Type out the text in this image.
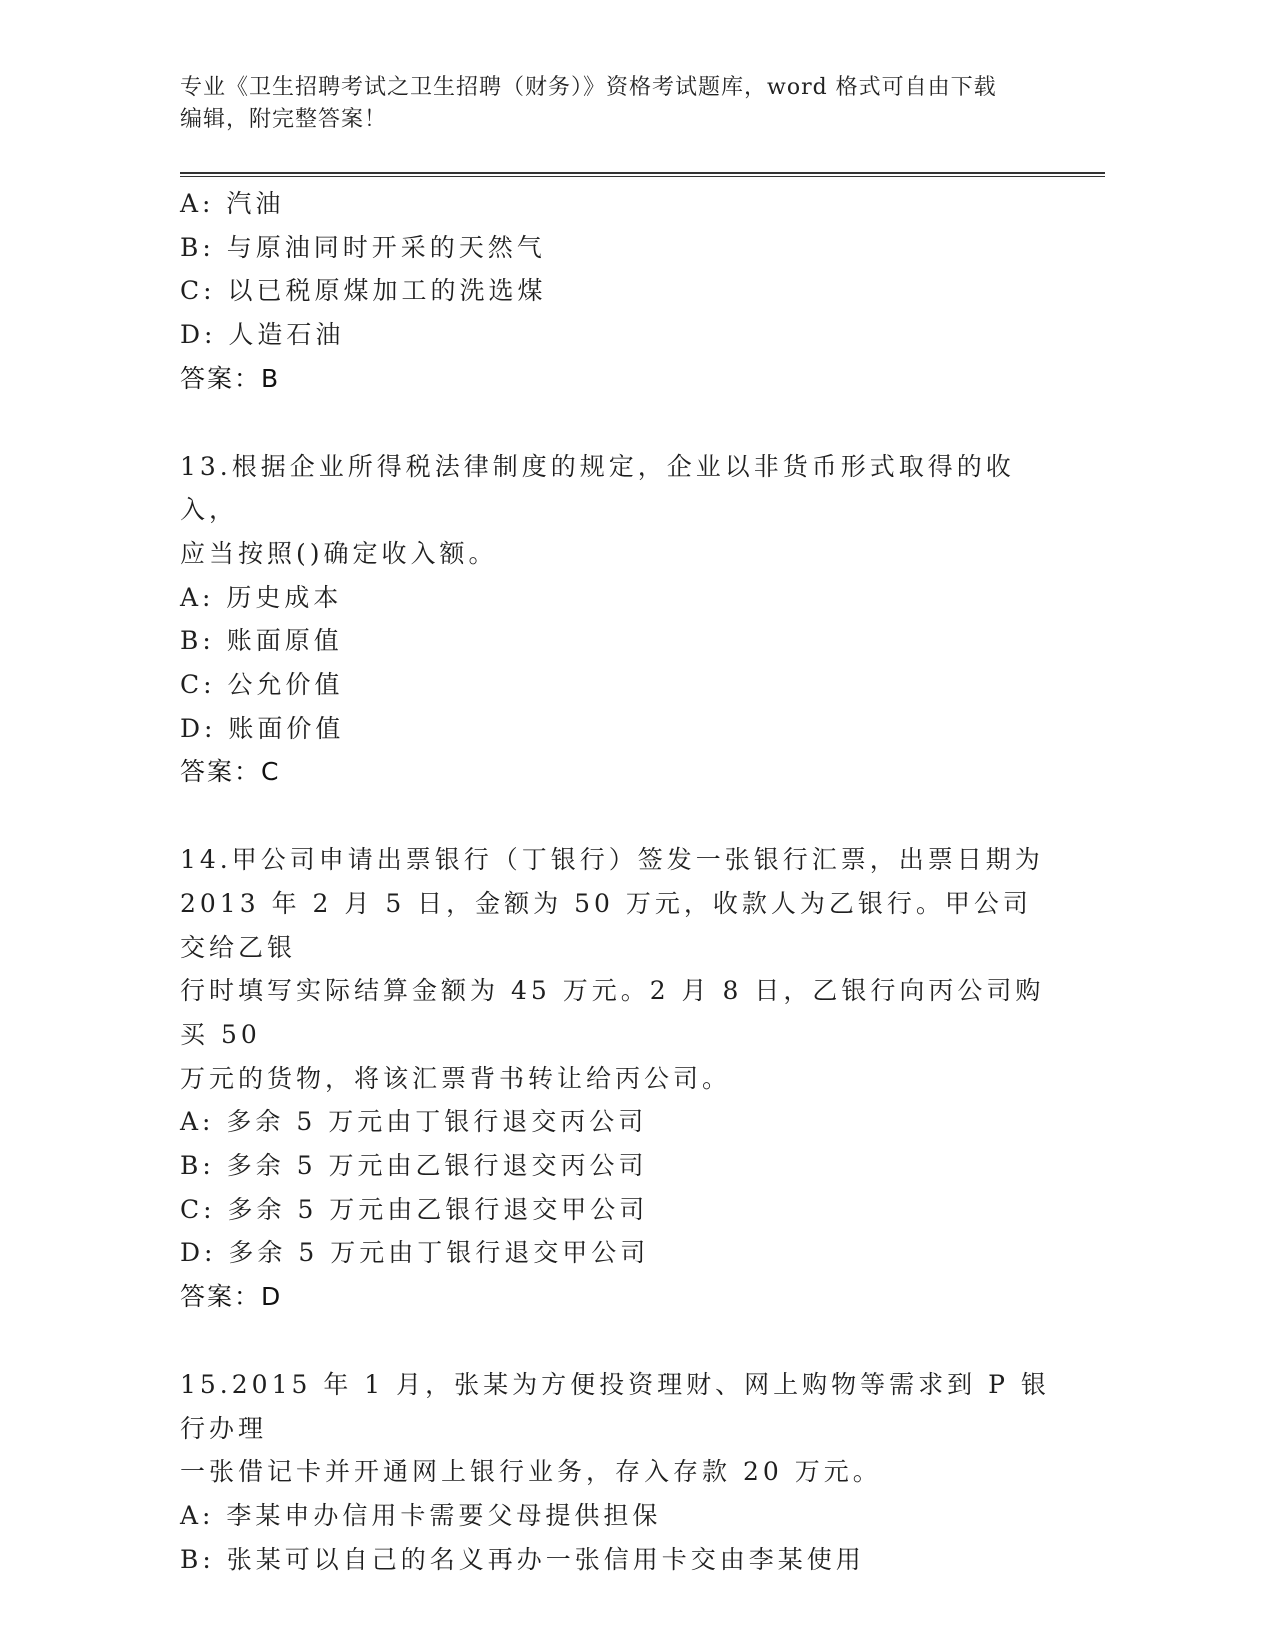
专业《卫生招聘考试之卫生招聘（财务）》资格考试题库，word 格式可自由下载
编辑，附完整答案！
A: 汽油
B: 与原油同时开采的天然气
C: 以已税原煤加工的洗选煤
D: 人造石油
答案：B
13.根据企业所得税法律制度的规定，企业以非货币形式取得的收入，
应当按照()确定收入额。
A: 历史成本
B: 账面原值
C: 公允价值
D: 账面价值
答案：C
14.甲公司申请出票银行（丁银行）签发一张银行汇票，出票日期为
2013 年 2 月 5 日，金额为 50 万元，收款人为乙银行。甲公司交给乙银
行时填写实际结算金额为 45 万元。2 月 8 日，乙银行向丙公司购买 50
万元的货物，将该汇票背书转让给丙公司。
A: 多余 5 万元由丁银行退交丙公司
B: 多余 5 万元由乙银行退交丙公司
C: 多余 5 万元由乙银行退交甲公司
D: 多余 5 万元由丁银行退交甲公司
答案：D
15.2015 年 1 月，张某为方便投资理财、网上购物等需求到 P 银行办理
一张借记卡并开通网上银行业务，存入存款 20 万元。
A: 李某申办信用卡需要父母提供担保
B: 张某可以自己的名义再办一张信用卡交由李某使用
